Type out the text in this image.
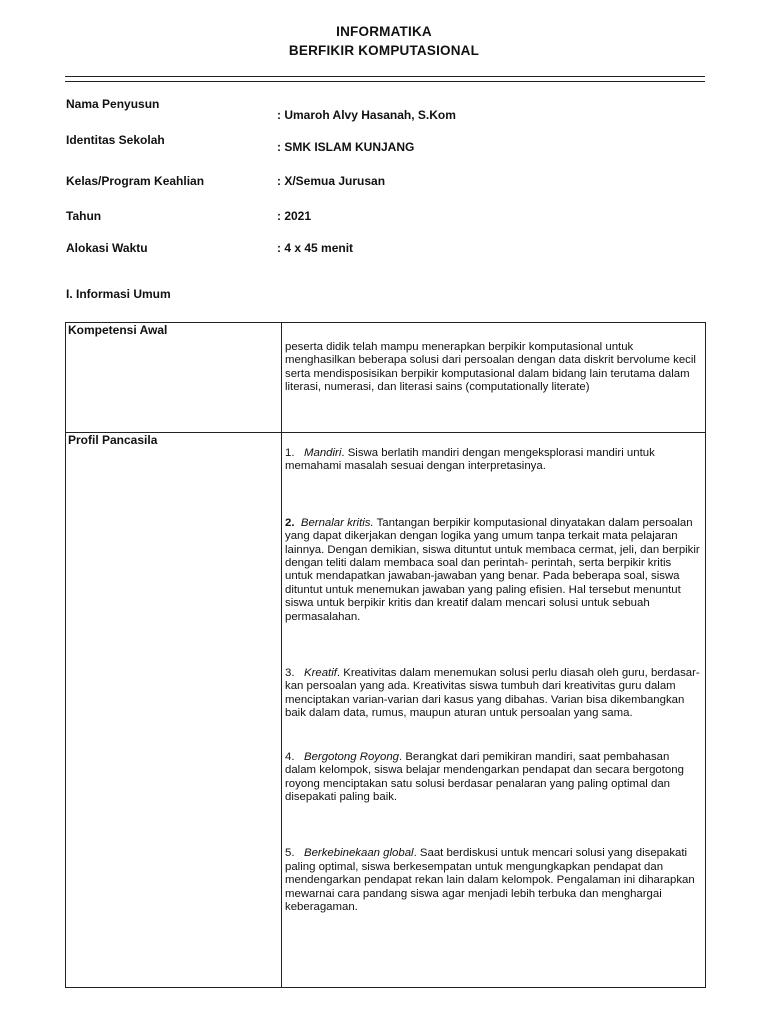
INFORMATIKA
BERFIKIR KOMPUTASIONAL
Nama Penyusun
: Umaroh Alvy Hasanah, S.Kom
Identitas Sekolah	: SMK ISLAM KUNJANG
Kelas/Program Keahlian	: X/Semua Jurusan
Tahun	: 2021
Alokasi Waktu	: 4 x 45 menit
I. Informasi Umum
Kompetensi Awal	peserta didik telah mampu menerapkan berpikir komputasional untuk menghasilkan beberapa solusi dari persoalan dengan data diskrit bervolume kecil serta mendisposisikan berpikir komputasional dalam bidang lain terutama dalam literasi, numerasi, dan literasi sains (computationally literate)

Profil Pancasila	1. Mandiri. Siswa berlatih mandiri dengan mengeksplorasi mandiri untuk memahami masalah sesuai dengan interpretasinya.

2. Bernalar kritis. Tantangan berpikir komputasional dinyatakan dalam persoalan yang dapat dikerjakan dengan logika yang umum tanpa terkait mata pelajaran lainnya. Dengan demikian, siswa dituntut untuk membaca cermat, jeli, dan berpikir dengan teliti dalam membaca soal dan perintah- perintah, serta berpikir kritis untuk mendapatkan jawaban-jawaban yang benar. Pada beberapa soal, siswa dituntut untuk menemukan jawaban yang paling efisien. Hal tersebut menuntut siswa untuk berpikir kritis dan kreatif dalam mencari solusi untuk sebuah permasalahan.

3. Kreatif. Kreativitas dalam menemukan solusi perlu diasah oleh guru, berdasar- kan persoalan yang ada. Kreativitas siswa tumbuh dari kreativitas guru dalam menciptakan varian-varian dari kasus yang dibahas. Varian bisa dikembangkan baik dalam data, rumus, maupun aturan untuk persoalan yang sama.

4. Bergotong Royong. Berangkat dari pemikiran mandiri, saat pembahasan dalam kelompok, siswa belajar mendengarkan pendapat dan secara bergotong royong menciptakan satu solusi berdasar penalaran yang paling optimal dan disepakati paling baik.

5. Berkebinekaan global. Saat berdiskusi untuk mencari solusi yang disepakati paling optimal, siswa berkesempatan untuk mengungkapkan pendapat dan mendengarkan pendapat rekan lain dalam kelompok. Pengalaman ini diharapkan mewarnai cara pandang siswa agar menjadi lebih terbuka dan menghargai keberagaman.
